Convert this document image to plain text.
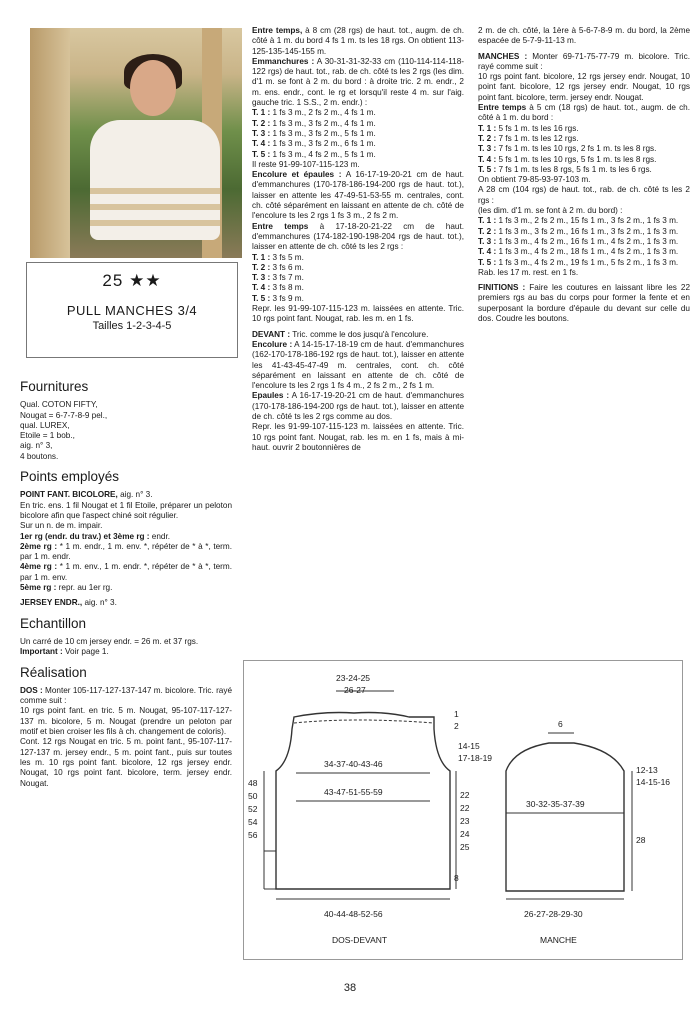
25 ★★
PULL MANCHES 3/4
Tailles 1-2-3-4-5
Fournitures

Qual. COTON FIFTY,
Nougat = 6-7-7-8-9 pel.,
qual. LUREX,
Etoile = 1 bob.,
aig. n° 3,
4 boutons.

Points employés

POINT FANT. BICOLORE, aig. n° 3.
En tric. ens. 1 fil Nougat et 1 fil Etoile, préparer un peloton bicolore afin que l'aspect chiné soit régulier.
Sur un n. de m. impair.
1er rg (endr. du trav.) et 3ème rg : endr.
2ème rg : * 1 m. endr., 1 m. env. *, répéter de * à *, term. par 1 m. endr.
4ème rg : * 1 m. env., 1 m. endr. *, répéter de * à *, term. par 1 m. env.
5ème rg : repr. au 1er rg.

JERSEY ENDR., aig. n° 3.

Echantillon

Un carré de 10 cm jersey endr. = 26 m. et 37 rgs.
Important : Voir page 1.

Réalisation

DOS : Monter 105-117-127-137-147 m. bicolore. Tric. rayé comme suit :
10 rgs point fant. en tric. 5 m. Nougat, 95-107-117-127-137 m. bicolore, 5 m. Nougat (prendre un peloton par motif et bien croiser les fils à ch. changement de coloris).
Cont. 12 rgs Nougat en tric. 5 m. point fant., 95-107-117-127-137 m. jersey endr., 5 m. point fant., puis sur toutes les m. 10 rgs point fant. bicolore, 12 rgs jersey endr. Nougat, 10 rgs point fant. bicolore, term. jersey endr. Nougat.

Entre temps, à 8 cm (28 rgs) de haut. tot., augm. de ch. côté à 1 m. du bord 4 fs 1 m. ts les 18 rgs. On obtient 113-125-135-145-155 m.
Emmanchures : A 30-31-31-32-33 cm (110-114-114-118-122 rgs) de haut. tot., rab. de ch. côté ts les 2 rgs (les dim. d'1 m. se font à 2 m. du bord : à droite tric. 2 m. endr., 2 m. ens. endr., cont. le rg et lorsqu'il reste 4 m. sur l'aig. gauche tric. 1 S.S., 2 m. endr.) :
T. 1 : 1 fs 3 m., 2 fs 2 m., 4 fs 1 m.
T. 2 : 1 fs 3 m., 3 fs 2 m., 4 fs 1 m.
T. 3 : 1 fs 3 m., 3 fs 2 m., 5 fs 1 m.
T. 4 : 1 fs 3 m., 3 fs 2 m., 6 fs 1 m.
T. 5 : 1 fs 3 m., 4 fs 2 m., 5 fs 1 m.
Il reste 91-99-107-115-123 m.
Encolure et épaules : A 16-17-19-20-21 cm de haut. d'emmanchures (170-178-186-194-200 rgs de haut. tot.), laisser en attente les 47-49-51-53-55 m. centrales, cont. ch. côté séparément en laissant en attente de ch. côté de l'encolure ts les 2 rgs 1 fs 3 m., 2 fs 2 m.
Entre temps à 17-18-20-21-22 cm de haut. d'emmanchures (174-182-190-198-204 rgs de haut. tot.), laisser en attente de ch. côté ts les 2 rgs :
T. 1 : 3 fs 5 m.
T. 2 : 3 fs 6 m.
T. 3 : 3 fs 7 m.
T. 4 : 3 fs 8 m.
T. 5 : 3 fs 9 m.
Repr. les 91-99-107-115-123 m. laissées en attente. Tric. 10 rgs point fant. Nougat, rab. les m. en 1 fs.

DEVANT : Tric. comme le dos jusqu'à l'encolure.
Encolure : A 14-15-17-18-19 cm de haut. d'emmanchures (162-170-178-186-192 rgs de haut. tot.), laisser en attente les 41-43-45-47-49 m. centrales, cont. ch. côté séparément en laissant en attente de ch. côté de l'encolure ts les 2 rgs 1 fs 4 m., 2 fs 2 m., 2 fs 1 m.
Epaules : A 16-17-19-20-21 cm de haut. d'emmanchures (170-178-186-194-200 rgs de haut. tot.), laisser en attente de ch. côté ts les 2 rgs comme au dos.
Repr. les 91-99-107-115-123 m. laissées en attente. Tric. 10 rgs point fant. Nougat, rab. les m. en 1 fs, mais à mi-haut. ouvrir 2 boutonnières de

2 m. de ch. côté, la 1ère à 5-6-7-8-9 m. du bord, la 2ème espacée de 5-7-9-11-13 m.

MANCHES : Monter 69-71-75-77-79 m. bicolore. Tric. rayé comme suit :
10 rgs point fant. bicolore, 12 rgs jersey endr. Nougat, 10 point fant. bicolore, 12 rgs jersey endr. Nougat, 10 rgs point fant. bicolore, term. jersey endr. Nougat.
Entre temps à 5 cm (18 rgs) de haut. tot., augm. de ch. côté à 1 m. du bord :
T. 1 : 5 fs 1 m. ts les 16 rgs.
T. 2 : 7 fs 1 m. ts les 12 rgs.
T. 3 : 7 fs 1 m. ts les 10 rgs, 2 fs 1 m. ts les 8 rgs.
T. 4 : 5 fs 1 m. ts les 10 rgs, 5 fs 1 m. ts les 8 rgs.
T. 5 : 7 fs 1 m. ts les 8 rgs, 5 fs 1 m. ts les 6 rgs.
On obtient 79-85-93-97-103 m.
A 28 cm (104 rgs) de haut. tot., rab. de ch. côté ts les 2 rgs :
(les dim. d'1 m. se font à 2 m. du bord) :
T. 1 : 1 fs 3 m., 2 fs 2 m., 15 fs 1 m., 3 fs 2 m., 1 fs 3 m.
T. 2 : 1 fs 3 m., 3 fs 2 m., 16 fs 1 m., 3 fs 2 m., 1 fs 3 m.
T. 3 : 1 fs 3 m., 4 fs 2 m., 16 fs 1 m., 4 fs 2 m., 1 fs 3 m.
T. 4 : 1 fs 3 m., 4 fs 2 m., 18 fs 1 m., 4 fs 2 m., 1 fs 3 m.
T. 5 : 1 fs 3 m., 4 fs 2 m., 19 fs 1 m., 5 fs 2 m., 1 fs 3 m.
Rab. les 17 m. rest. en 1 fs.

FINITIONS : Faire les coutures en laissant libre les 22 premiers rgs au bas du corps pour former la fente et en superposant la bordure d'épaule du devant sur celle du dos. Coudre les boutons.

23-24-25
26-27
1
2
14-15
17-18-19
34-37-40-43-46
43-47-51-55-59
48
50
52
54
56
22
22
23
24
25
8
40-44-48-52-56
DOS-DEVANT
6
12-13
14-15-16
30-32-35-37-39
28
26-27-28-29-30
MANCHE
38
